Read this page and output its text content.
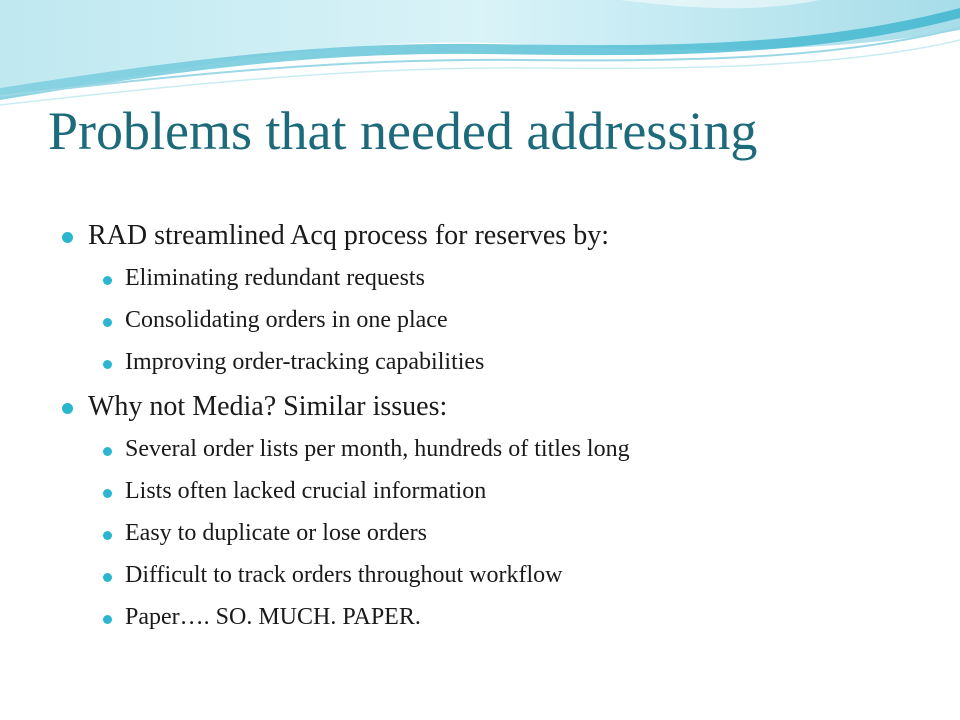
Problems that needed addressing
RAD streamlined Acq process for reserves by:
Eliminating redundant requests
Consolidating orders in one place
Improving order-tracking capabilities
Why not Media? Similar issues:
Several order lists per month, hundreds of titles long
Lists often lacked crucial information
Easy to duplicate or lose orders
Difficult to track orders throughout workflow
Paper…. SO. MUCH. PAPER.
